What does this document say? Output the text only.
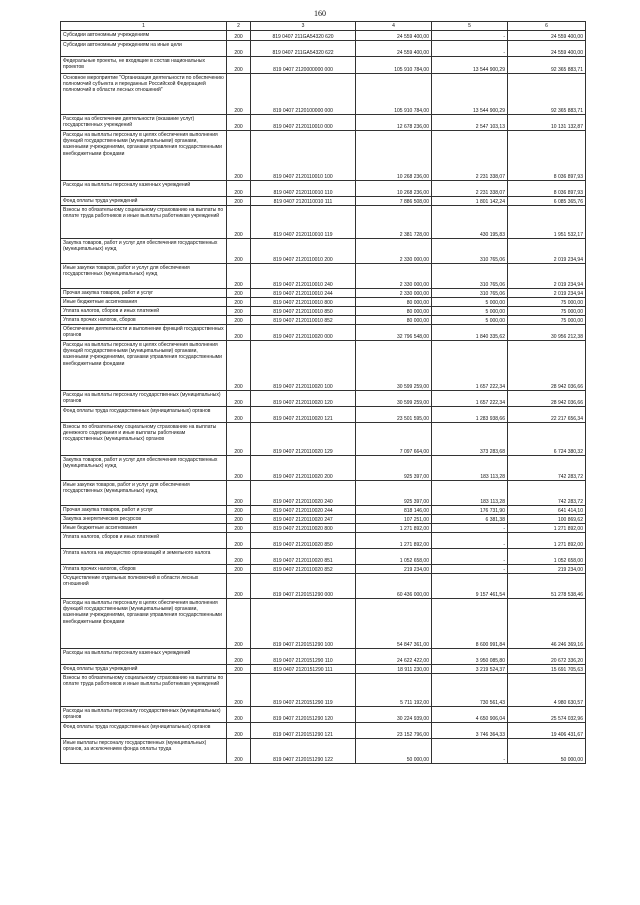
160
1	2	3	4	5	6
Субсидии автономным учреждениям	200	819 0407 211GA54320 620	24 559 400,00	-	24 559 400,00
Субсидии автономным учреждениям на иные цели	200	819 0407 211GA54320 622	24 559 400,00	-	24 559 400,00
Федеральные проекты, не входящие в состав национальных проектов	200	819 0407 2120000000 000	105 910 784,00	13 544 900,29	92 365 883,71
Основное мероприятие "Организация деятельности по обеспечению полномочий субъекта и переданных Российской Федерацией полномочий в области лесных отношений"	200	819 0407 2120100000 000	105 910 784,00	13 544 900,29	92 365 883,71
Расходы на обеспечение деятельности (оказание услуг) государственных учреждений	200	819 0407 2120110010 000	12 678 236,00	2 547 103,13	10 131 132,87
Расходы на выплаты персоналу в целях обеспечения выполнения функций государственными (муниципальными) органами, казенными учреждениями, органами управления государственными внебюджетными фондами	200	819 0407 2120110010 100	10 268 236,00	2 231 338,07	8 036 897,93
Расходы на выплаты персоналу казенных учреждений	200	819 0407 2120110010 110	10 268 236,00	2 231 338,07	8 036 897,93
Фонд оплаты труда учреждений	200	819 0407 2120110010 111	7 886 508,00	1 801 142,24	6 085 365,76
Взносы по обязательному социальному страхованию на выплаты по оплате труда работников и иные выплаты работникам учреждений	200	819 0407 2120110010 119	2 381 728,00	430 195,83	1 951 532,17
Закупка товаров, работ и услуг для обеспечения государственных (муниципальных) нужд	200	819 0407 2120110010 200	2 330 000,00	310 765,06	2 019 234,94
Иные закупки товаров, работ и услуг для обеспечения государственных (муниципальных) нужд	200	819 0407 2120110010 240	2 330 000,00	310 765,06	2 019 234,94
Прочая закупка товаров, работ и услуг	200	819 0407 2120110010 244	2 330 000,00	310 765,06	2 019 234,94
Иные бюджетные ассигнования	200	819 0407 2120110010 800	80 000,00	5 000,00	75 000,00
Уплата налогов, сборов и иных платежей	200	819 0407 2120110010 850	80 000,00	5 000,00	75 000,00
Уплата прочих налогов, сборов	200	819 0407 2120110010 852	80 000,00	5 000,00	75 000,00
Обеспечение деятельности и выполнение функций государственных органов	200	819 0407 2120110020 000	32 796 548,00	1 840 335,62	30 956 212,38
Расходы на выплаты персоналу в целях обеспечения выполнения функций государственными (муниципальными) органами, казенными учреждениями, органами управления государственными внебюджетными фондами	200	819 0407 2120110020 100	30 599 259,00	1 657 222,34	28 942 036,66
Расходы на выплаты персоналу государственных (муниципальных) органов	200	819 0407 2120110020 120	30 599 259,00	1 657 222,34	28 942 036,66
Фонд оплаты труда государственных (муниципальных) органов	200	819 0407 2120110020 121	23 501 595,00	1 283 938,66	22 217 656,34
Взносы по обязательному социальному страхованию на выплаты денежного содержания и иные выплаты работникам государственных (муниципальных) органов	200	819 0407 2120110020 129	7 097 664,00	373 283,68	6 724 380,32
Закупка товаров, работ и услуг для обеспечения государственных (муниципальных) нужд	200	819 0407 2120110020 200	925 397,00	183 113,28	742 283,72
Иные закупки товаров, работ и услуг для обеспечения государственных (муниципальных) нужд	200	819 0407 2120110020 240	925 397,00	183 113,28	742 283,72
Прочая закупка товаров, работ и услуг	200	819 0407 2120110020 244	818 146,00	176 731,90	641 414,10
Закупка энергетических ресурсов	200	819 0407 2120110020 247	107 251,00	6 381,38	100 869,62
Иные бюджетные ассигнования	200	819 0407 2120110020 800	1 271 892,00	-	1 271 892,00
Уплата налогов, сборов и иных платежей	200	819 0407 2120110020 850	1 271 892,00	-	1 271 892,00
Уплата налога на имущество организаций и земельного налога	200	819 0407 2120110020 851	1 052 658,00	-	1 052 658,00
Уплата прочих налогов, сборов	200	819 0407 2120110020 852	219 234,00	-	219 234,00
Осуществление отдельных полномочий в области лесных отношений	200	819 0407 2120151290 000	60 436 000,00	9 157 461,54	51 278 538,46
Расходы на выплаты персоналу в целях обеспечения выполнения функций государственными (муниципальными) органами, казенными учреждениями, органами управления государственными внебюджетными фондами	200	819 0407 2120151290 100	54 847 361,00	8 600 991,84	46 246 369,16
Расходы на выплаты персоналу казенных учреждений	200	819 0407 2120151290 110	24 622 422,00	3 950 085,80	20 672 336,20
Фонд оплаты труда учреждений	200	819 0407 2120151290 111	18 911 230,00	3 219 524,37	15 691 705,63
Взносы по обязательному социальному страхованию на выплаты по оплате труда работников и иные выплаты работникам учреждений	200	819 0407 2120151290 119	5 711 192,00	730 561,43	4 980 630,57
Расходы на выплаты персоналу государственных (муниципальных) органов	200	819 0407 2120151290 120	30 224 939,00	4 650 906,04	25 574 032,96
Фонд оплаты труда государственных (муниципальных) органов	200	819 0407 2120151290 121	23 152 796,00	3 746 364,33	19 406 431,67
Иные выплаты персоналу государственных (муниципальных) органов, за исключением фонда оплаты труда	200	819 0407 2120151290 122	50 000,00	-	50 000,00
